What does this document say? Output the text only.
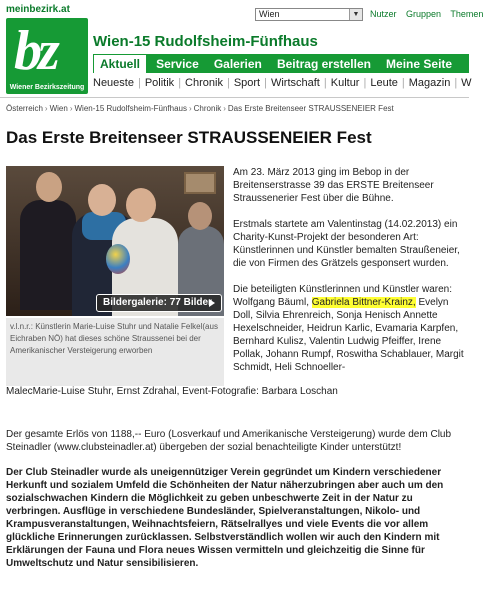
meinbezirk.at
bz
Wiener Bezirkszeitung
Wien	▼ Nutzer Gruppen Themen
Wien-15 Rudolfsheim-Fünfhaus
Aktuell Service Galerien Beitrag erstellen Meine Seite
Neueste | Politik | Chronik | Sport | Wirtschaft | Kultur | Leute | Magazin | W
Österreich › Wien › Wien-15 Rudolfsheim-Fünfhaus › Chronik › Das Erste Breitenseer STRAUSSENEIER Fest
Das Erste Breitenseer STRAUSSENEIER Fest
Bildergalerie: 77 Bilder
v.l.n.r.: Künstlerin Marie-Luise Stuhr und Natalie Felkel(aus Eichraben NÖ) hat dieses schöne Straussenei bei der Amerikanischer Versteigerung erworben

Am 23. März 2013 ging im Bebop in der Breitenserstrasse 39 das ERSTE Breitenseer Straussenerier Fest über die Bühne.

Erstmals startete am Valentinstag (14.02.2013) ein Charity-Kunst-Projekt der besonderen Art: Künstlerinnen und Künstler bemalten Straußeneier, die von Firmen des Grätzels gesponsert wurden.

Die beteiligten Künstlerinnen und Künstler waren: Wolfgang Bäuml, Gabriela Bittner-Krainz, Evelyn Doll, Silvia Ehrenreich, Sonja Henisch Annette Hexelschneider, Heidrun Karlic, Evamaria Karpfen, Bernhard Kulisz, Valentin Ludwig Pfeiffer, Irene Pollak, Johann Rumpf, Roswitha Schablauer, Margit Schmidt, Heli Schnoeller-

MalecMarie-Luise Stuhr, Ernst Zdrahal, Event-Fotografie: Barbara Loschan
Der gesamte Erlös von 1188,-- Euro (Losverkauf und Amerikanische Versteigerung) wurde dem Club Steinadler (www.clubsteinadler.at) übergeben der sozial benachteiligte Kinder unterstützt!
Der Club Steinadler wurde als uneigennütziger Verein gegründet um Kindern verschiedener Herkunft und sozialem Umfeld die Schönheiten der Natur näherzubringen aber auch um den sozialschwachen Kindern die Möglichkeit zu geben unbeschwerte Zeit in der Natur zu verbringen. Ausflüge in verschiedene Bundesländer, Spielveranstaltungen, Nikolo- und Krampusveranstaltungen, Weihnachtsfeiern, Rätselrallyes und viele Events die vor allem glückliche Erinnerungen zurücklassen. Selbstverständlich wollen wir auch den Kindern mit Erklärungen der Fauna und Flora neues Wissen vermitteln und gleichzeitig die Sinne für Umweltschutz und Natur sensibilisieren.
